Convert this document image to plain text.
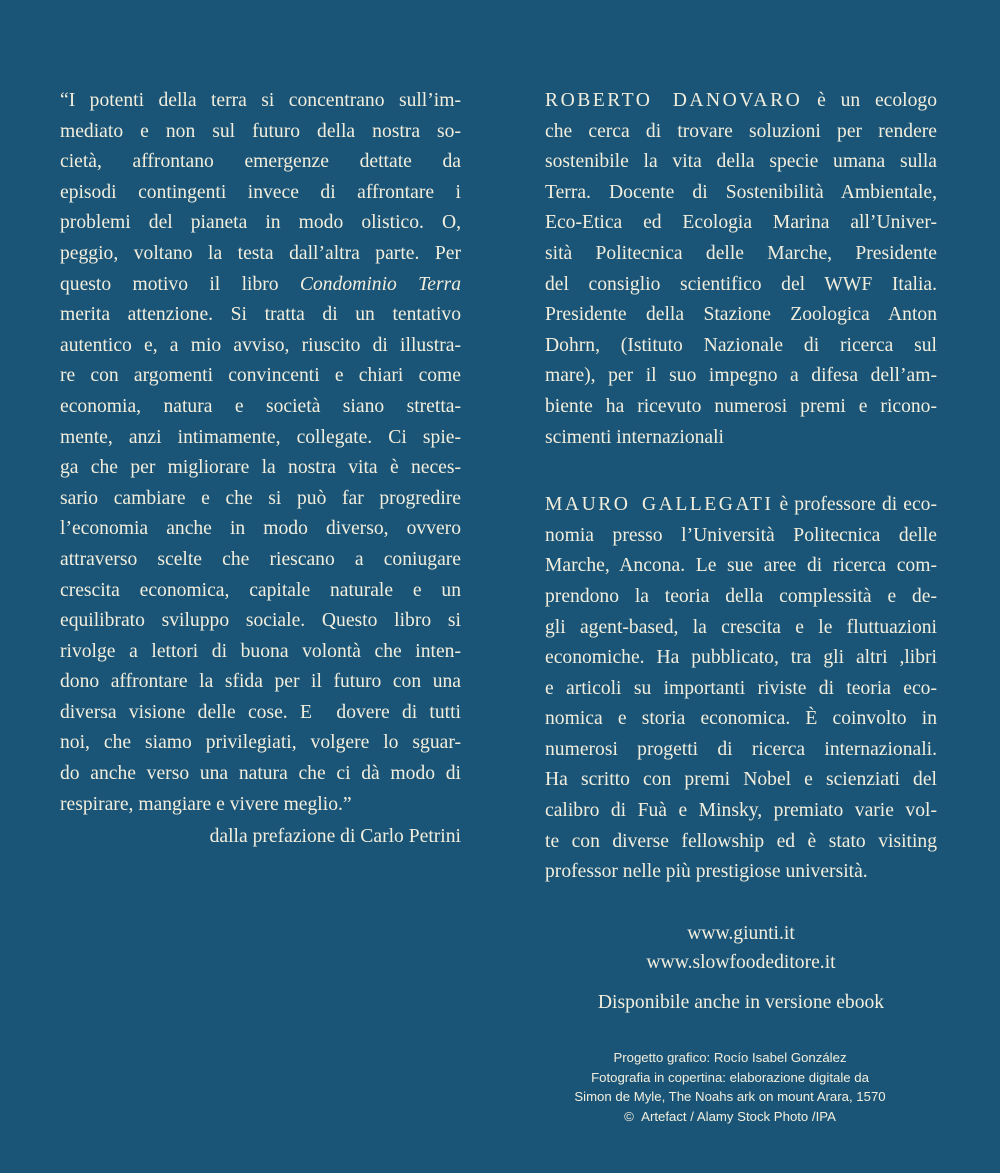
“I potenti della terra si concentrano sull’im-
mediato e non sul futuro della nostra so-
cietà, affrontano emergenze dettate da
episodi contingenti invece di affrontare i
problemi del pianeta in modo olistico. O,
peggio, voltano la testa dall’altra parte. Per
questo motivo il libro Condominio Terra
merita attenzione. Si tratta di un tentativo
autentico e, a mio avviso, riuscito di illustra-
re con argomenti convincenti e chiari come
economia, natura e società siano stretta-
mente, anzi intimamente, collegate. Ci spie-
ga che per migliorare la nostra vita è neces-
sario cambiare e che si può far progredire
l’economia anche in modo diverso, ovvero
attraverso scelte che riescano a coniugare
crescita economica, capitale naturale e un
equilibrato sviluppo sociale. Questo libro si
rivolge a lettori di buona volontà che inten-
dono affrontare la sfida per il futuro con una
diversa visione delle cose. E  dovere di tutti
noi, che siamo privilegiati, volgere lo sguar-
do anche verso una natura che ci dà modo di
respirare, mangiare e vivere meglio.”
dalla prefazione di Carlo Petrini
ROBERTO DANOVARO è un ecologo
che cerca di trovare soluzioni per rendere
sostenibile la vita della specie umana sulla
Terra. Docente di Sostenibilità Ambientale,
Eco-Etica ed Ecologia Marina all’Univer-
sità Politecnica delle Marche, Presidente
del consiglio scientifico del WWF Italia.
Presidente della Stazione Zoologica Anton
Dohrn, (Istituto Nazionale di ricerca sul
mare), per il suo impegno a difesa dell’am-
biente ha ricevuto numerosi premi e ricono-
scimenti internazionali
MAURO GALLEGATI è professore di eco-
nomia presso l’Università Politecnica delle
Marche, Ancona. Le sue aree di ricerca com-
prendono la teoria della complessità e de-
gli agent-based, la crescita e le fluttuazioni
economiche. Ha pubblicato, tra gli altri ,libri
e articoli su importanti riviste di teoria eco-
nomica e storia economica. È coinvolto in
numerosi progetti di ricerca internazionali.
Ha scritto con premi Nobel e scienziati del
calibro di Fuà e Minsky, premiato varie vol-
te con diverse fellowship ed è stato visiting
professor nelle più prestigiose università.
www.giunti.it
www.slowfoodeditore.it
Disponibile anche in versione ebook
Progetto grafico: Rocío Isabel González
Fotografia in copertina: elaborazione digitale da
Simon de Myle, The Noahs ark on mount Arara, 1570
©  Artefact / Alamy Stock Photo /IPA
